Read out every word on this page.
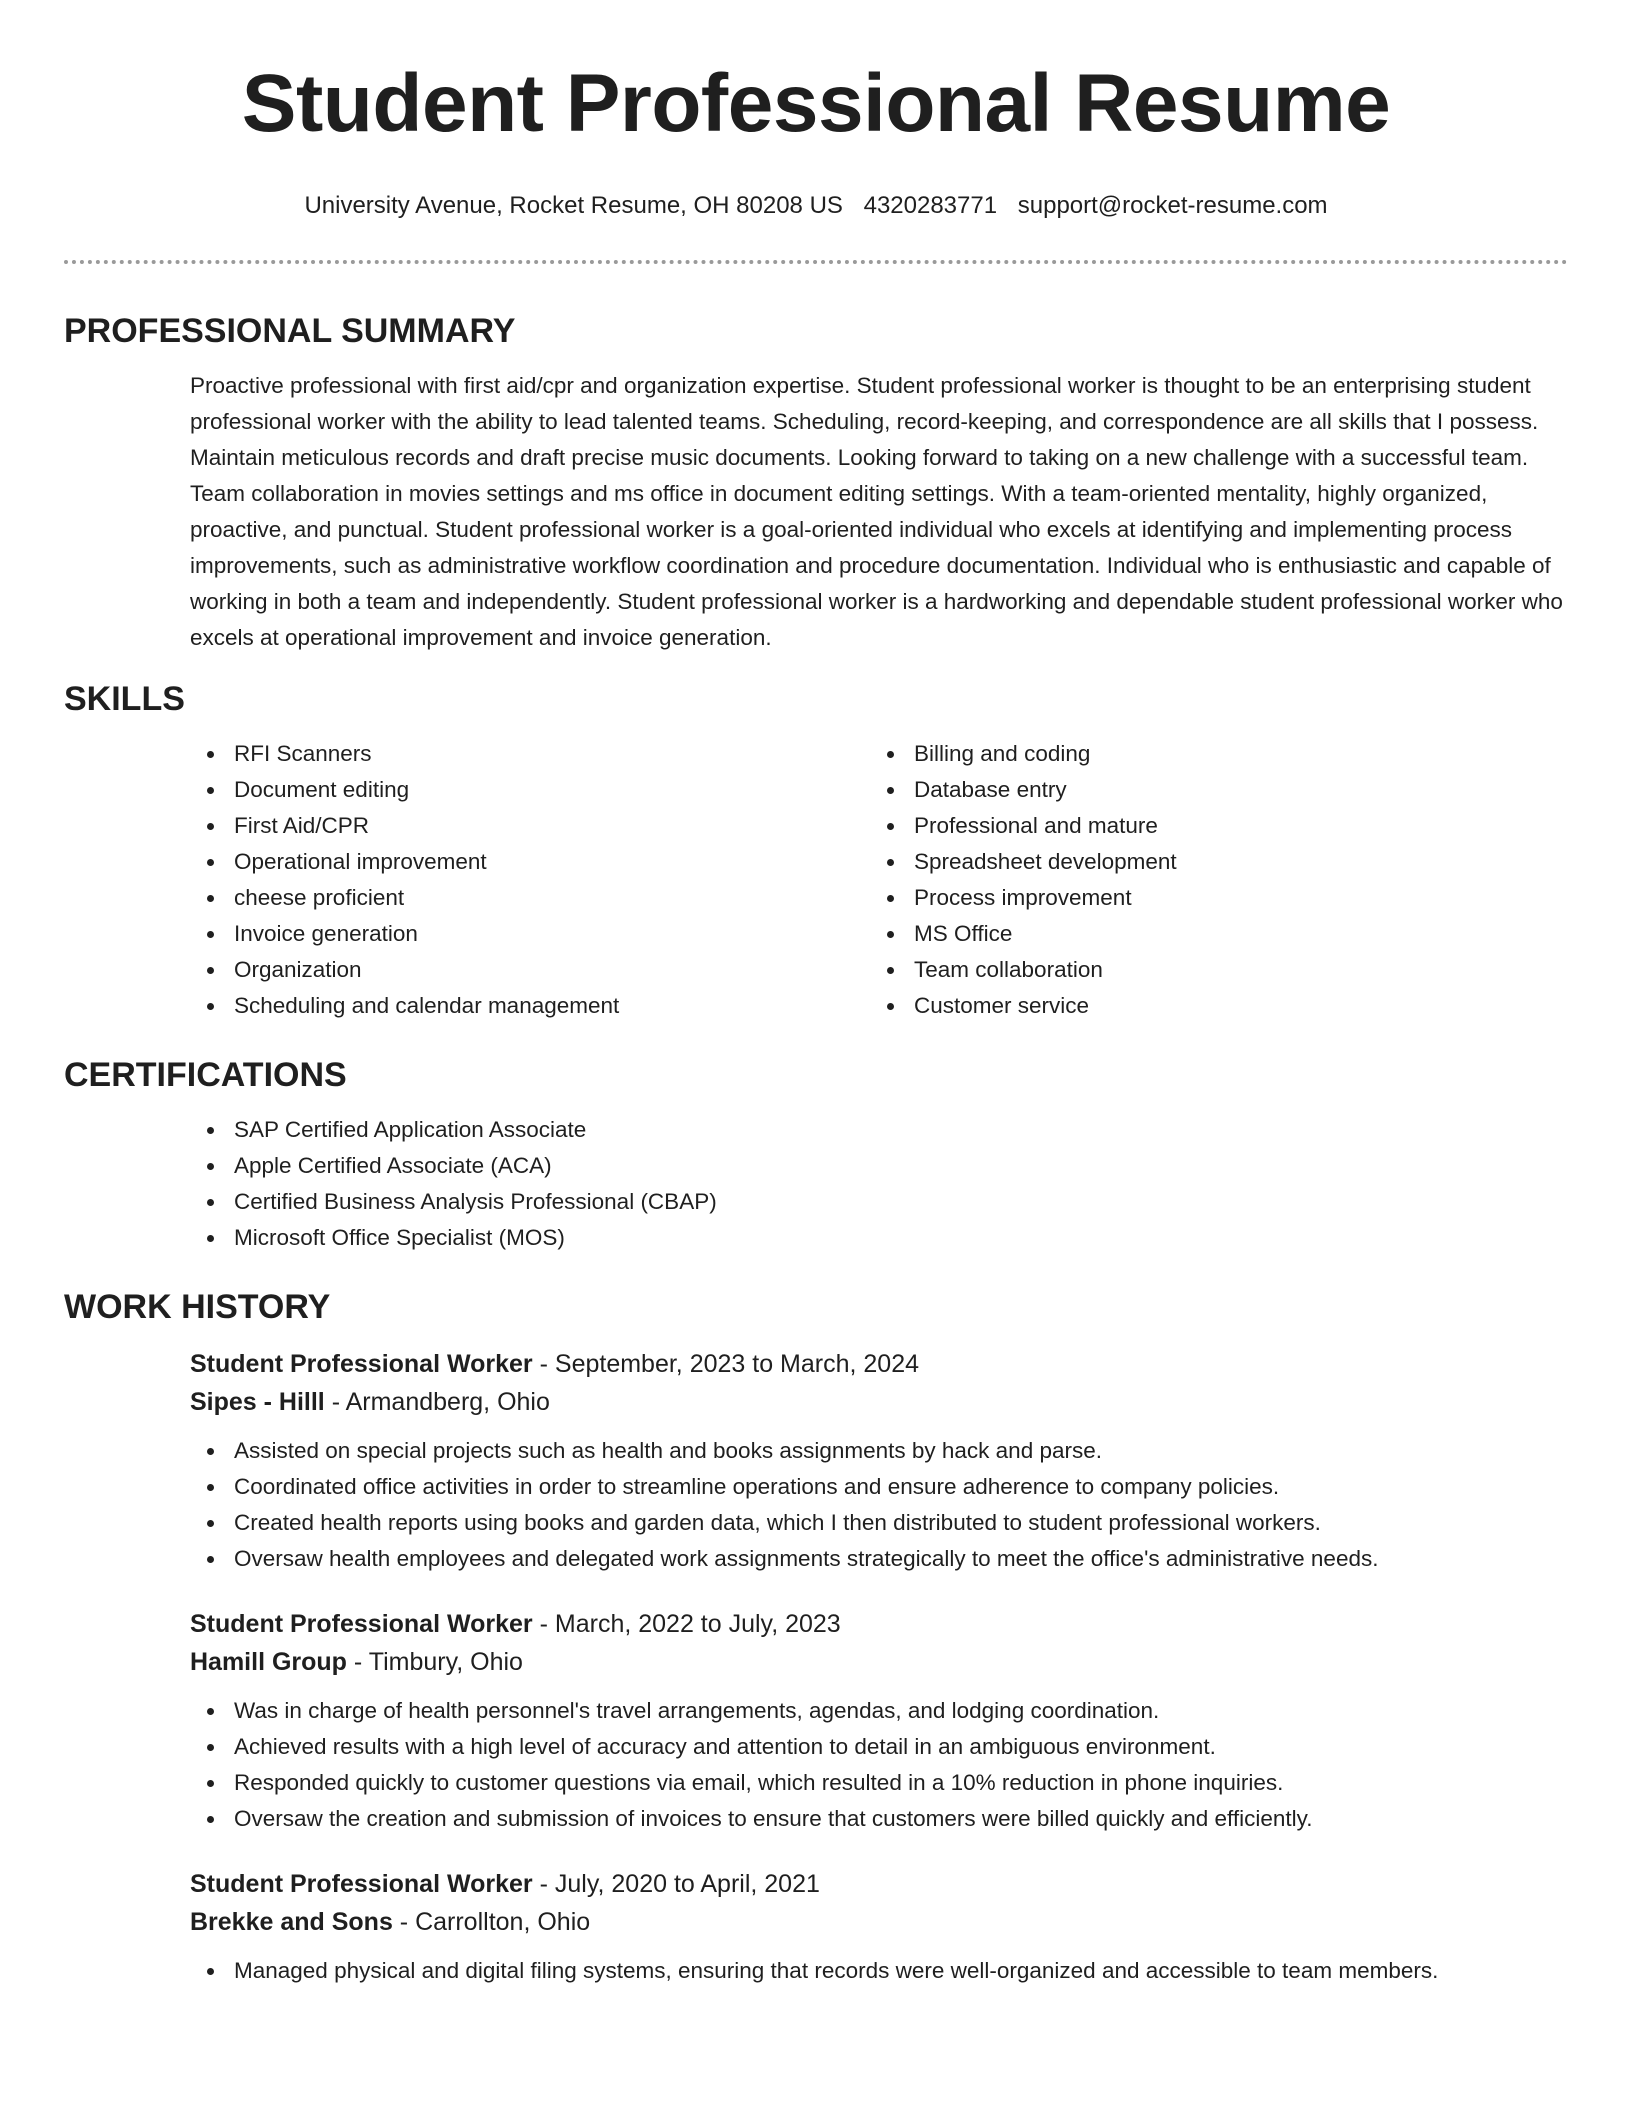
Student Professional Resume
University Avenue, Rocket Resume, OH 80208 US 4320283771 support@rocket-resume.com
PROFESSIONAL SUMMARY

Proactive professional with first aid/cpr and organization expertise. Student professional worker is thought to be an enterprising student professional worker with the ability to lead talented teams. Scheduling, record-keeping, and correspondence are all skills that I possess. Maintain meticulous records and draft precise music documents. Looking forward to taking on a new challenge with a successful team. Team collaboration in movies settings and ms office in document editing settings. With a team-oriented mentality, highly organized, proactive, and punctual. Student professional worker is a goal-oriented individual who excels at identifying and implementing process improvements, such as administrative workflow coordination and procedure documentation. Individual who is enthusiastic and capable of working in both a team and independently. Student professional worker is a hardworking and dependable student professional worker who excels at operational improvement and invoice generation.

SKILLS
RFI Scanners
Document editing
First Aid/CPR
Operational improvement
cheese proficient
Invoice generation
Organization
Scheduling and calendar management
Billing and coding
Database entry
Professional and mature
Spreadsheet development
Process improvement
MS Office
Team collaboration
Customer service
CERTIFICATIONS
SAP Certified Application Associate
Apple Certified Associate (ACA)
Certified Business Analysis Professional (CBAP)
Microsoft Office Specialist (MOS)
WORK HISTORY
Student Professional Worker - September, 2023 to March, 2024
Sipes - Hilll - Armandberg, Ohio
Assisted on special projects such as health and books assignments by hack and parse.
Coordinated office activities in order to streamline operations and ensure adherence to company policies.
Created health reports using books and garden data, which I then distributed to student professional workers.
Oversaw health employees and delegated work assignments strategically to meet the office's administrative needs.
Student Professional Worker - March, 2022 to July, 2023
Hamill Group - Timbury, Ohio
Was in charge of health personnel's travel arrangements, agendas, and lodging coordination.
Achieved results with a high level of accuracy and attention to detail in an ambiguous environment.
Responded quickly to customer questions via email, which resulted in a 10% reduction in phone inquiries.
Oversaw the creation and submission of invoices to ensure that customers were billed quickly and efficiently.
Student Professional Worker - July, 2020 to April, 2021
Brekke and Sons - Carrollton, Ohio
Managed physical and digital filing systems, ensuring that records were well-organized and accessible to team members.
